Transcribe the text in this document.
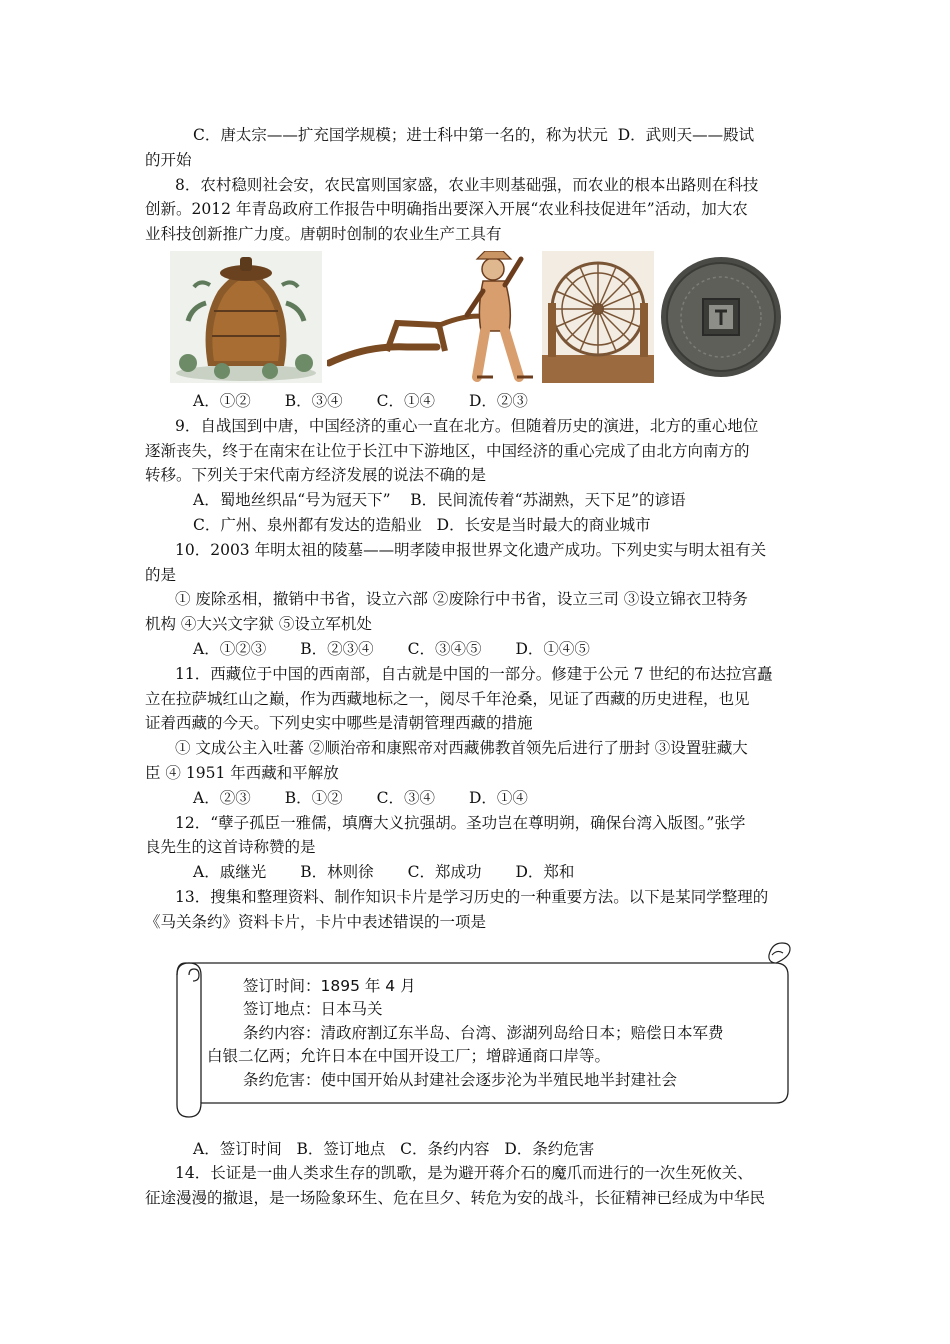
C．唐太宗——扩充国学规模；进士科中第一名的，称为状元 D．武则天——殿试

的开始

8．农村稳则社会安，农民富则国家盛，农业丰则基础强，而农业的根本出路则在科技

创新。2012 年青岛政府工作报告中明确指出要深入开展“农业科技促进年”活动，加大农

业科技创新推广力度。唐朝时创制的农业生产工具有

A．①② B．③④ C．①④ D．②③

9．自战国到中唐，中国经济的重心一直在北方。但随着历史的演进，北方的重心地位

逐渐丧失，终于在南宋在让位于长江中下游地区，中国经济的重心完成了由北方向南方的

转移。下列关于宋代南方经济发展的说法不确的是

A．蜀地丝织品“号为冠天下” B．民间流传着“苏湖熟，天下足”的谚语

C．广州、泉州都有发达的造船业 D．长安是当时最大的商业城市

10．2003 年明太祖的陵墓——明孝陵申报世界文化遗产成功。下列史实与明太祖有关

的是

① 废除丞相，撤销中书省，设立六部 ②废除行中书省，设立三司 ③设立锦衣卫特务

机构 ④大兴文字狱 ⑤设立军机处

A．①②③ B．②③④ C．③④⑤ D．①④⑤

11．西藏位于中国的西南部，自古就是中国的一部分。修建于公元 7 世纪的布达拉宫矗

立在拉萨城红山之巅，作为西藏地标之一，阅尽千年沧桑，见证了西藏的历史进程，也见

证着西藏的今天。下列史实中哪些是清朝管理西藏的措施

① 文成公主入吐蕃 ②顺治帝和康熙帝对西藏佛教首领先后进行了册封 ③设置驻藏大

臣 ④ 1951 年西藏和平解放

A．②③ B．①② C．③④ D．①④

12．“孽子孤臣一雅儒，填膺大义抗强胡。圣功岂在尊明朔，确保台湾入版图。”张学

良先生的这首诗称赞的是

A．戚继光 B．林则徐 C．郑成功 D．郑和

13．搜集和整理资料、制作知识卡片是学习历史的一种重要方法。以下是某同学整理的

《马关条约》资料卡片，卡片中表述错误的一项是

签订时间：1895 年 4 月
签订地点：日本马关
条约内容：清政府割辽东半岛、台湾、澎湖列岛给日本；赔偿日本军费
白银二亿两；允许日本在中国开设工厂；增辟通商口岸等。
条约危害：使中国开始从封建社会逐步沦为半殖民地半封建社会

A．签订时间 B．签订地点 C．条约内容 D．条约危害

14．长证是一曲人类求生存的凯歌，是为避开蒋介石的魔爪而进行的一次生死攸关、

征途漫漫的撤退，是一场险象环生、危在旦夕、转危为安的战斗，长征精神已经成为中华民
